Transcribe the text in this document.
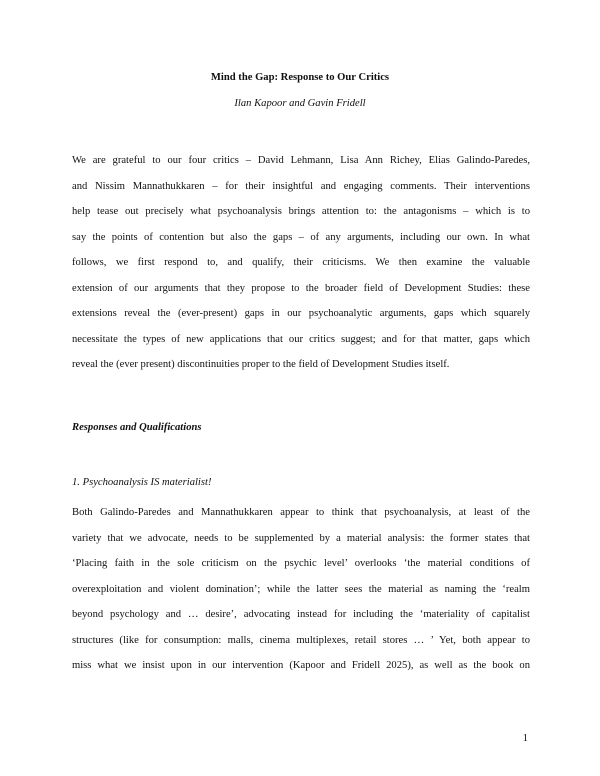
Mind the Gap: Response to Our Critics
Ilan Kapoor and Gavin Fridell
We are grateful to our four critics – David Lehmann, Lisa Ann Richey, Elias Galindo-Paredes,
and Nissim Mannathukkaren – for their insightful and engaging comments. Their interventions
help tease out precisely what psychoanalysis brings attention to: the antagonisms – which is to
say the points of contention but also the gaps – of any arguments, including our own. In what
follows, we first respond to, and qualify, their criticisms. We then examine the valuable
extension of our arguments that they propose to the broader field of Development Studies: these
extensions reveal the (ever-present) gaps in our psychoanalytic arguments, gaps which squarely
necessitate the types of new applications that our critics suggest; and for that matter, gaps which
reveal the (ever present) discontinuities proper to the field of Development Studies itself.
Responses and Qualifications
1. Psychoanalysis IS materialist!
Both Galindo-Paredes and Mannathukkaren appear to think that psychoanalysis, at least of the
variety that we advocate, needs to be supplemented by a material analysis: the former states that
‘Placing faith in the sole criticism on the psychic level’ overlooks ‘the material conditions of
overexploitation and violent domination’; while the latter sees the material as naming the ‘realm
beyond psychology and … desire’, advocating instead for including the ‘materiality of capitalist
structures (like for consumption: malls, cinema multiplexes, retail stores … ’ Yet, both appear to
miss what we insist upon in our intervention (Kapoor and Fridell 2025), as well as the book on
1
